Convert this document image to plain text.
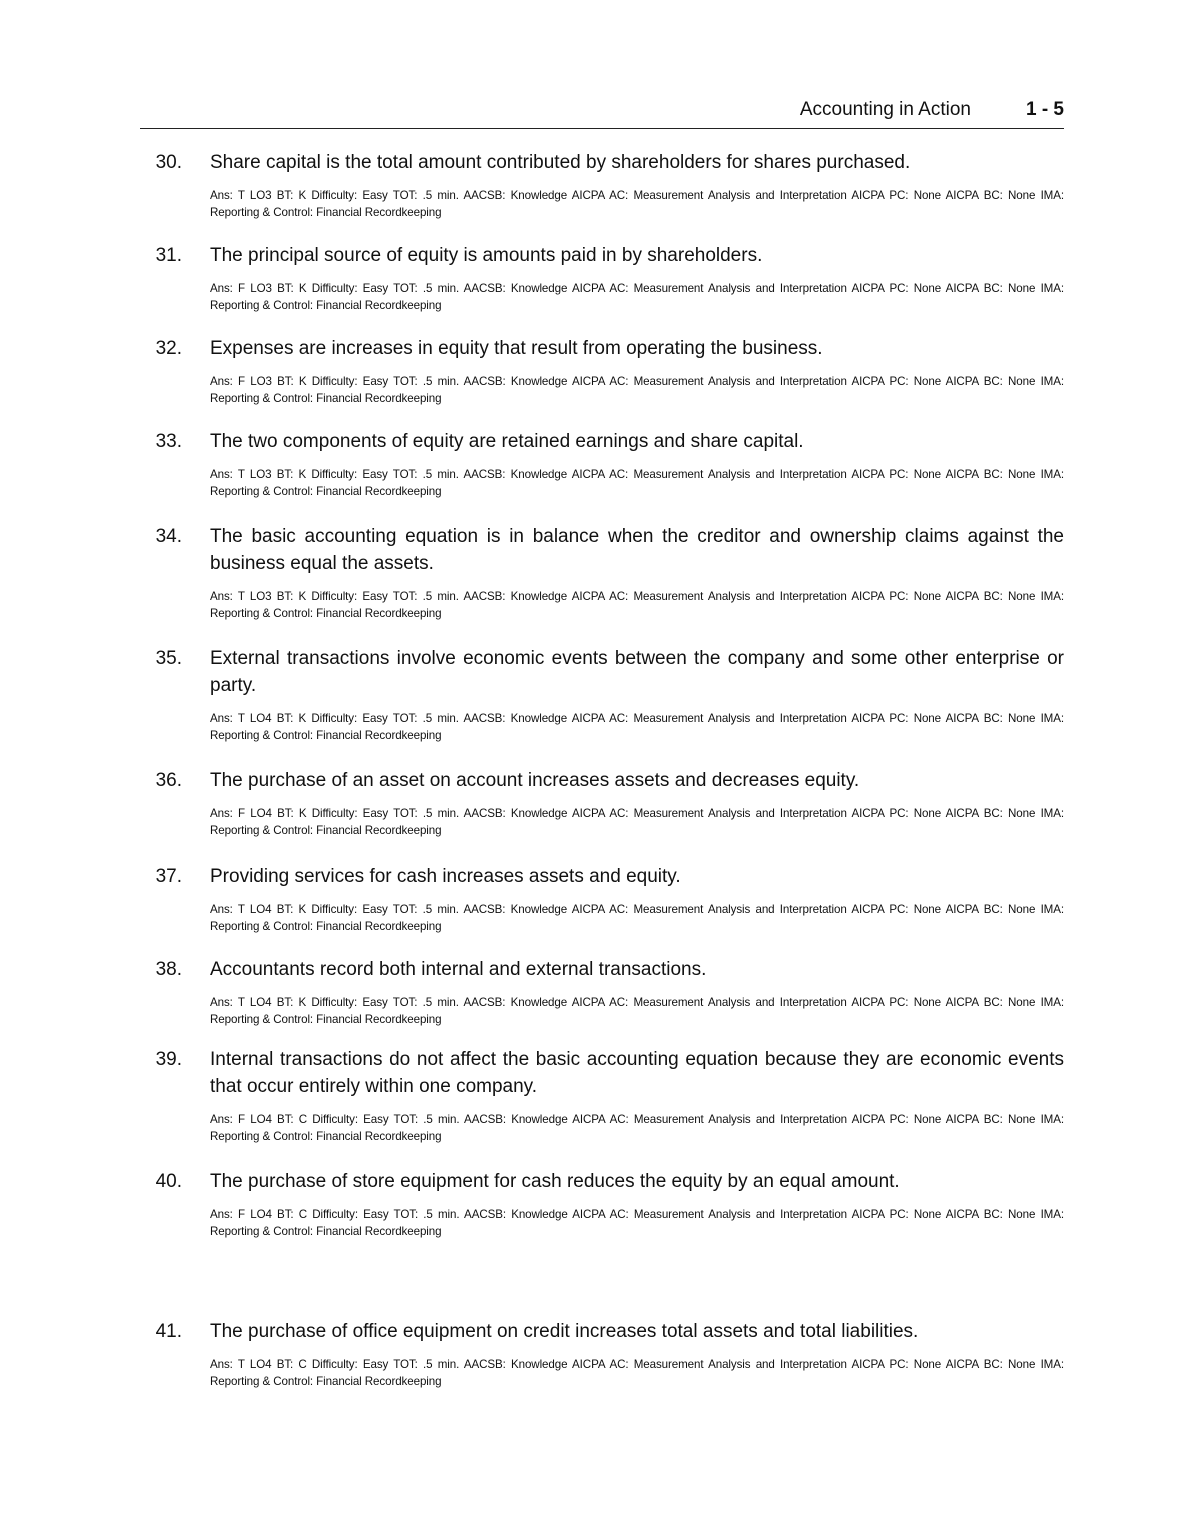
Accounting in Action	1 - 5
30. Share capital is the total amount contributed by shareholders for shares purchased.
Ans: T LO3 BT: K Difficulty: Easy TOT: .5 min. AACSB: Knowledge AICPA AC: Measurement Analysis and Interpretation AICPA PC: None AICPA BC: None IMA: Reporting & Control: Financial Recordkeeping
31. The principal source of equity is amounts paid in by shareholders.
Ans: F LO3 BT: K Difficulty: Easy TOT: .5 min. AACSB: Knowledge AICPA AC: Measurement Analysis and Interpretation AICPA PC: None AICPA BC: None IMA: Reporting & Control: Financial Recordkeeping
32. Expenses are increases in equity that result from operating the business.
Ans: F LO3 BT: K Difficulty: Easy TOT: .5 min. AACSB: Knowledge AICPA AC: Measurement Analysis and Interpretation AICPA PC: None AICPA BC: None IMA: Reporting & Control: Financial Recordkeeping
33. The two components of equity are retained earnings and share capital.
Ans: T LO3 BT: K Difficulty: Easy TOT: .5 min. AACSB: Knowledge AICPA AC: Measurement Analysis and Interpretation AICPA PC: None AICPA BC: None IMA: Reporting & Control: Financial Recordkeeping
34. The basic accounting equation is in balance when the creditor and ownership claims against the business equal the assets.
Ans: T LO3 BT: K Difficulty: Easy TOT: .5 min. AACSB: Knowledge AICPA AC: Measurement Analysis and Interpretation AICPA PC: None AICPA BC: None IMA: Reporting & Control: Financial Recordkeeping
35. External transactions involve economic events between the company and some other enterprise or party.
Ans: T LO4 BT: K Difficulty: Easy TOT: .5 min. AACSB: Knowledge AICPA AC: Measurement Analysis and Interpretation AICPA PC: None AICPA BC: None IMA: Reporting & Control: Financial Recordkeeping
36. The purchase of an asset on account increases assets and decreases equity.
Ans: F LO4 BT: K Difficulty: Easy TOT: .5 min. AACSB: Knowledge AICPA AC: Measurement Analysis and Interpretation AICPA PC: None AICPA BC: None IMA: Reporting & Control: Financial Recordkeeping
37. Providing services for cash increases assets and equity.
Ans: T LO4 BT: K Difficulty: Easy TOT: .5 min. AACSB: Knowledge AICPA AC: Measurement Analysis and Interpretation AICPA PC: None AICPA BC: None IMA: Reporting & Control: Financial Recordkeeping
38. Accountants record both internal and external transactions.
Ans: T LO4 BT: K Difficulty: Easy TOT: .5 min. AACSB: Knowledge AICPA AC: Measurement Analysis and Interpretation AICPA PC: None AICPA BC: None IMA: Reporting & Control: Financial Recordkeeping
39. Internal transactions do not affect the basic accounting equation because they are economic events that occur entirely within one company.
Ans: F LO4 BT: C Difficulty: Easy TOT: .5 min. AACSB: Knowledge AICPA AC: Measurement Analysis and Interpretation AICPA PC: None AICPA BC: None IMA: Reporting & Control: Financial Recordkeeping
40. The purchase of store equipment for cash reduces the equity by an equal amount.
Ans: F LO4 BT: C Difficulty: Easy TOT: .5 min. AACSB: Knowledge AICPA AC: Measurement Analysis and Interpretation AICPA PC: None AICPA BC: None IMA: Reporting & Control: Financial Recordkeeping
41. The purchase of office equipment on credit increases total assets and total liabilities.
Ans: T LO4 BT: C Difficulty: Easy TOT: .5 min. AACSB: Knowledge AICPA AC: Measurement Analysis and Interpretation AICPA PC: None AICPA BC: None IMA: Reporting & Control: Financial Recordkeeping
